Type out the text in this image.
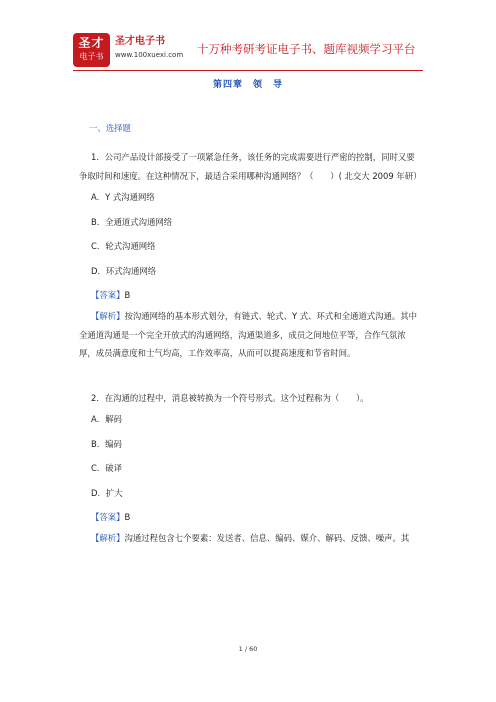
圣才
电子书
圣才电子书
www.100xuexi.com 十万种考研考证电子书、题库视频学习平台
第四章　领　导
一、选择题

1．公司产品设计部接受了一项紧急任务，该任务的完成需要进行严密的控制，同时又要争取时间和速度。在这种情况下，最适合采用哪种沟通网络？（　　）( 北交大 2009 年研）

A．Y 式沟通网络
B．全通道式沟通网络
C．轮式沟通网络
D．环式沟通网络
【答案】B

【解析】按沟通网络的基本形式划分，有链式、轮式、Y 式、环式和全通道式沟通。其中全通道沟通是一个完全开放式的沟通网络，沟通渠道多，成员之间地位平等，合作气氛浓厚，成员满意度和士气均高，工作效率高，从而可以提高速度和节省时间。

2．在沟通的过程中，消息被转换为一个符号形式。这个过程称为（　　）。

A．解码
B．编码
C．破译
D．扩大
【答案】B

【解析】沟通过程包含七个要素：发送者、信息、编码、媒介、解码、反馈、噪声。其

1 / 60
